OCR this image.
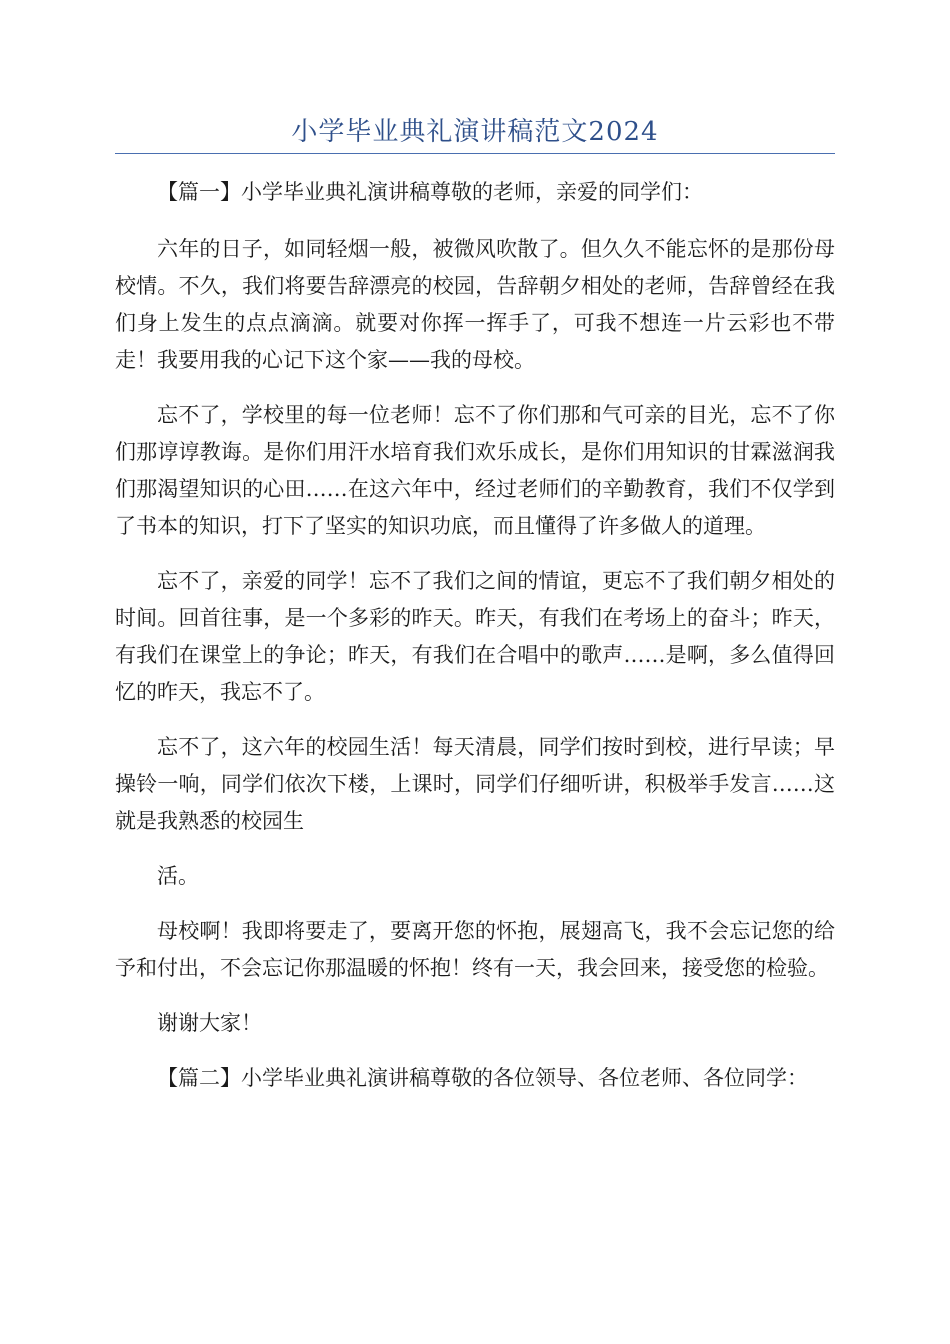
小学毕业典礼演讲稿范文2024

【篇一】小学毕业典礼演讲稿尊敬的老师，亲爱的同学们：

六年的日子，如同轻烟一般，被微风吹散了。但久久不能忘怀的是那份母校情。不久，我们将要告辞漂亮的校园，告辞朝夕相处的老师，告辞曾经在我们身上发生的点点滴滴。就要对你挥一挥手了，可我不想连一片云彩也不带走！我要用我的心记下这个家——我的母校。

忘不了，学校里的每一位老师！忘不了你们那和气可亲的目光，忘不了你们那谆谆教诲。是你们用汗水培育我们欢乐成长，是你们用知识的甘霖滋润我们那渴望知识的心田……在这六年中，经过老师们的辛勤教育，我们不仅学到了书本的知识，打下了坚实的知识功底，而且懂得了许多做人的道理。

忘不了，亲爱的同学！忘不了我们之间的情谊，更忘不了我们朝夕相处的时间。回首往事，是一个多彩的昨天。昨天，有我们在考场上的奋斗；昨天，有我们在课堂上的争论；昨天，有我们在合唱中的歌声……是啊，多么值得回忆的昨天，我忘不了。

忘不了，这六年的校园生活！每天清晨，同学们按时到校，进行早读；早操铃一响，同学们依次下楼，上课时，同学们仔细听讲，积极举手发言……这就是我熟悉的校园生

活。

母校啊！我即将要走了，要离开您的怀抱，展翅高飞，我不会忘记您的给予和付出，不会忘记你那温暖的怀抱！终有一天，我会回来，接受您的检验。

谢谢大家！

【篇二】小学毕业典礼演讲稿尊敬的各位领导、各位老师、各位同学：
